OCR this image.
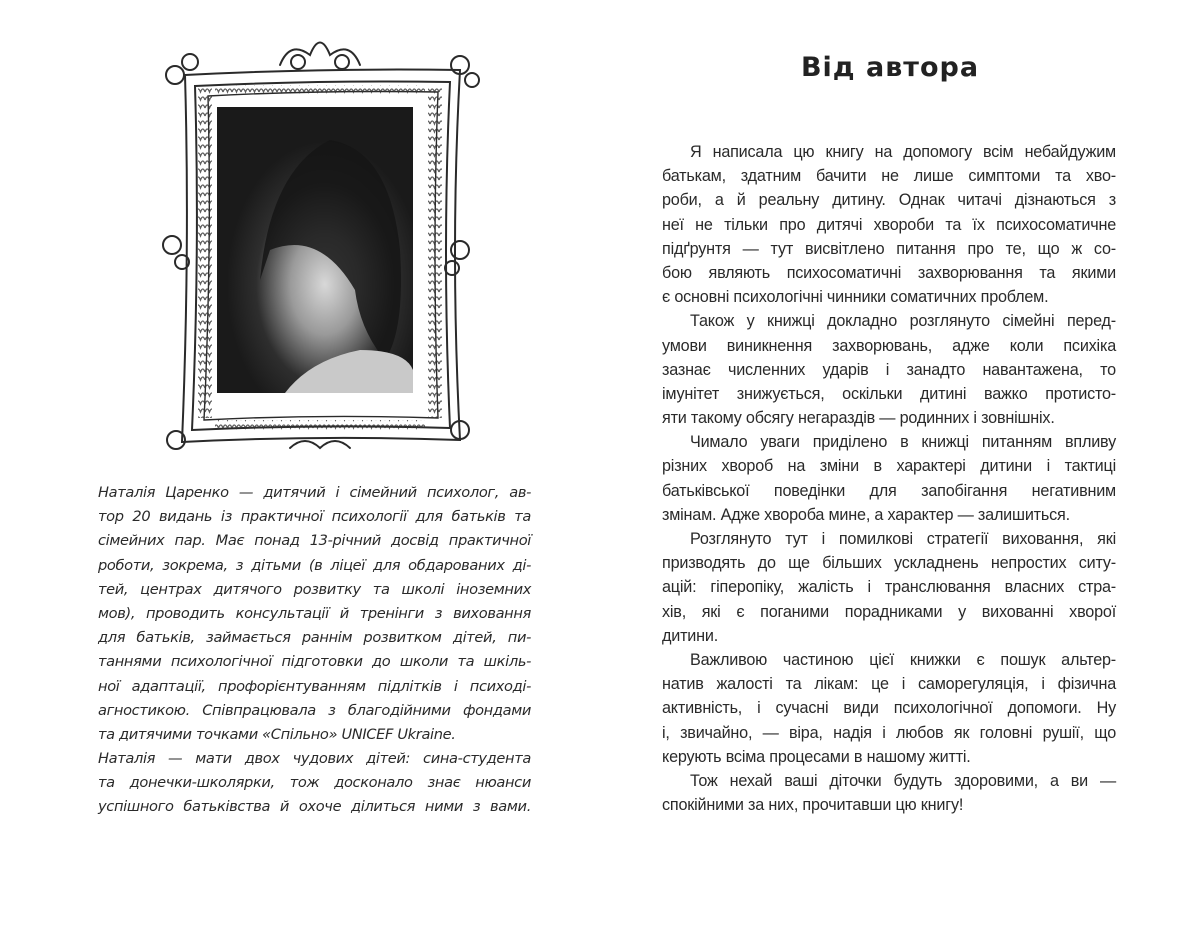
Наталія Царенко — дитячий і сімейний психолог, ав-
тор 20 видань із практичної психології для батьків та
сімейних пар. Має понад 13-річний досвід практичної
роботи, зокрема, з дітьми (в ліцеї для обдарованих ді-
тей, центрах дитячого розвитку та школі іноземних
мов), проводить консультації й тренінги з виховання
для батьків, займається раннім розвитком дітей, пи-
таннями психологічної підготовки до школи та шкіль-
ної адаптації, профорієнтуванням підлітків і псиході-
агностикою. Співпрацювала з благодійними фондами
та дитячими точками «Спільно» UNICEF Ukraine.
Наталія — мати двох чудових дітей: сина-студента
та донечки-школярки, тож досконало знає нюанси
успішного батьківства й охоче ділиться ними з вами.
Від автора
Я написала цю книгу на допомогу всім небайдужим
батькам, здатним бачити не лише симптоми та хво-
роби, а й реальну дитину. Однак читачі дізнаються з
неї не тільки про дитячі хвороби та їх психосоматичне
підґрунтя — тут висвітлено питання про те, що ж со-
бою являють психосоматичні захворювання та якими
є основні психологічні чинники соматичних проблем.
Також у книжці докладно розглянуто сімейні перед-
умови виникнення захворювань, адже коли психіка
зазнає численних ударів і занадто навантажена, то
імунітет знижується, оскільки дитині важко протисто-
яти такому обсягу негараздів — родинних і зовнішніх.
Чимало уваги приділено в книжці питанням впливу
різних хвороб на зміни в характері дитини і тактиці
батьківської поведінки для запобігання негативним
змінам. Адже хвороба мине, а характер — залишиться.
Розглянуто тут і помилкові стратегії виховання, які
призводять до ще більших ускладнень непростих ситу-
ацій: гіперопіку, жалість і транслювання власних стра-
хів, які є поганими порадниками у вихованні хворої
дитини.
Важливою частиною цієї книжки є пошук альтер-
натив жалості та лікам: це і саморегуляція, і фізична
активність, і сучасні види психологічної допомоги. Ну
і, звичайно, — віра, надія і любов як головні рушії, що
керують всіма процесами в нашому житті.
Тож нехай ваші діточки будуть здоровими, а ви —
спокійними за них, прочитавши цю книгу!
